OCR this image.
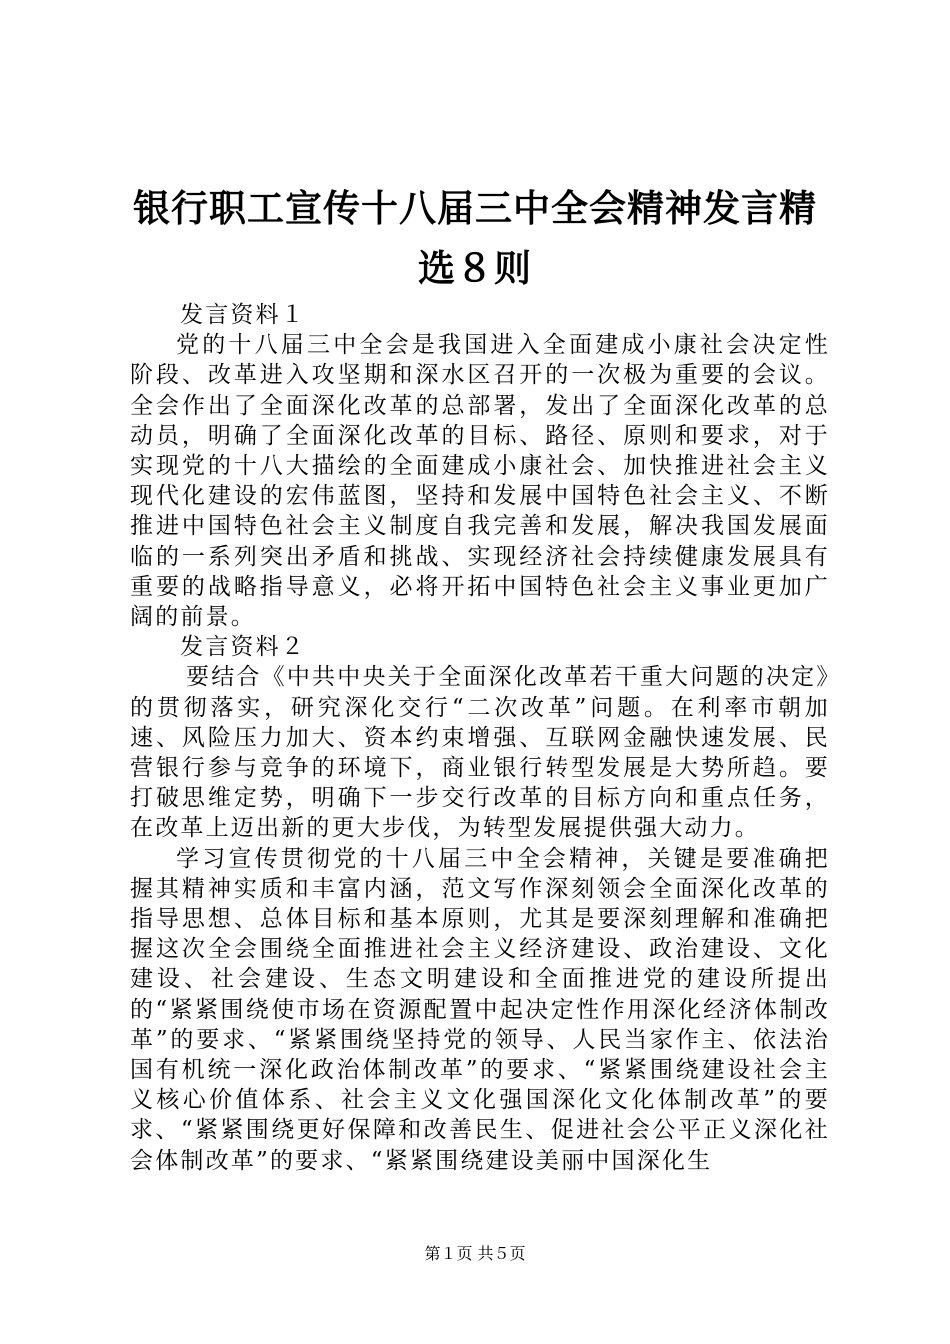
银行职工宣传十八届三中全会精神发言精选８则

发言资料１

党的十八届三中全会是我国进入全面建成小康社会决定性阶段、改革进入攻坚期和深水区召开的一次极为重要的会议。全会作出了全面深化改革的总部署，发出了全面深化改革的总动员，明确了全面深化改革的目标、路径、原则和要求，对于实现党的十八大描绘的全面建成小康社会、加快推进社会主义现代化建设的宏伟蓝图，坚持和发展中国特色社会主义、不断推进中国特色社会主义制度自我完善和发展，解决我国发展面临的一系列突出矛盾和挑战、实现经济社会持续健康发展具有重要的战略指导意义，必将开拓中国特色社会主义事业更加广阔的前景。

发言资料２

要结合《中共中央关于全面深化改革若干重大问题的决定》的贯彻落实，研究深化交行“二次改革”问题。在利率市朝加速、风险压力加大、资本约束增强、互联网金融快速发展、民营银行参与竞争的环境下，商业银行转型发展是大势所趋。要打破思维定势，明确下一步交行改革的目标方向和重点任务，在改革上迈出新的更大步伐，为转型发展提供强大动力。

学习宣传贯彻党的十八届三中全会精神，关键是要准确把握其精神实质和丰富内涵，范文写作深刻领会全面深化改革的指导思想、总体目标和基本原则，尤其是要深刻理解和准确把握这次全会围绕全面推进社会主义经济建设、政治建设、文化建设、社会建设、生态文明建设和全面推进党的建设所提出的“紧紧围绕使市场在资源配置中起决定性作用深化经济体制改革”的要求、“紧紧围绕坚持党的领导、人民当家作主、依法治国有机统一深化政治体制改革”的要求、“紧紧围绕建设社会主义核心价值体系、社会主义文化强国深化文化体制改革”的要求、“紧紧围绕更好保障和改善民生、促进社会公平正义深化社会体制改革”的要求、“紧紧围绕建设美丽中国深化生

第１页 共５页
